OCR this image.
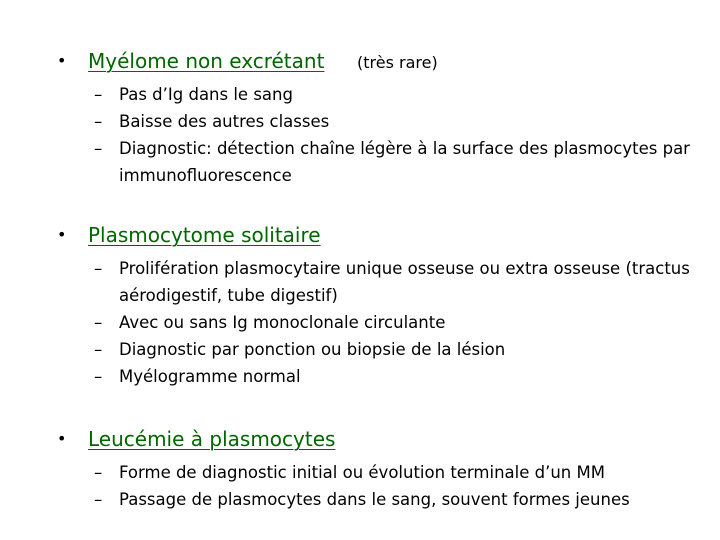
• Myélome non excrétant (très rare)
– Pas d’Ig dans le sang
– Baisse des autres classes
– Diagnostic: détection chaîne légère à la surface des plasmocytes par immunofluorescence
• Plasmocytome solitaire
– Prolifération plasmocytaire unique osseuse ou extra osseuse (tractus aérodigestif, tube digestif)
– Avec ou sans Ig monoclonale circulante
– Diagnostic par ponction ou biopsie de la lésion
– Myélogramme normal
• Leucémie à plasmocytes
– Forme de diagnostic initial ou évolution terminale d’un MM
– Passage de plasmocytes dans le sang, souvent formes jeunes
